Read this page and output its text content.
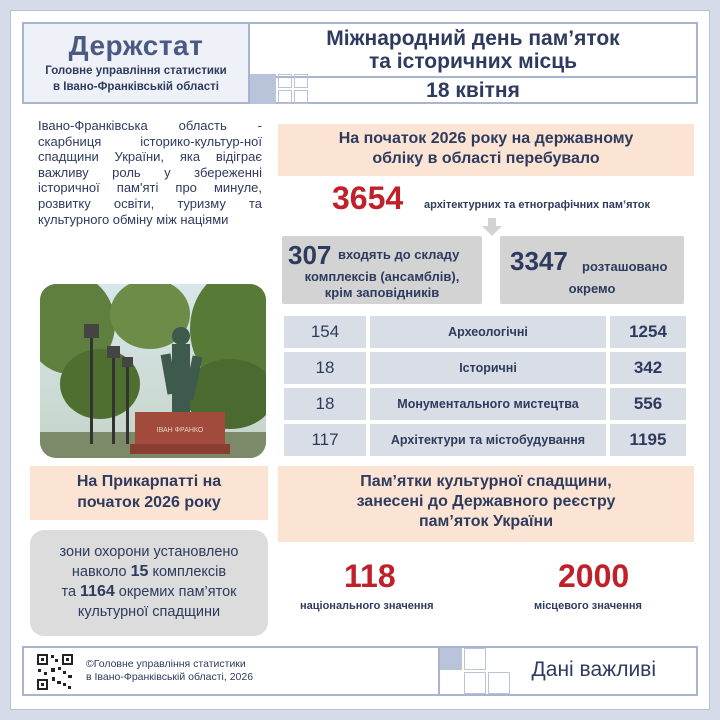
Держстат
Головне управління статистики
в Івано-Франківській області
Міжнародний день пам’яток
та історичних місць
18 квітня
Івано-Франківська область - скарбниця історико-культур-ної спадщини України, яка відіграє важливу роль у збереженні історичної пам'яті про минуле, розвитку освіти, туризму та культурного обміну між націями
ІВАН ФРАНКО
На Прикарпатті на
початок 2026 року
зони охорони установлено
навколо 15 комплексів
та 1164 окремих пам’яток
культурної спадщини
На початок 2026 року на державному
обліку в області перебувало
3654 архітектурних та етнографічних пам’яток
307 входять до складу
комплексів (ансамблів),
крім заповідників
3347 розташовано
окремо
154	Археологічні	1254
18	Історичні	342
18	Монументального мистецтва	556
117	Архітектури та містобудування	1195
Пам’ятки культурної спадщини,
занесені до Державного реєстру
пам’яток України
118
національного значення
2000
місцевого значення
©Головне управління статистики
в Івано-Франківській області, 2026	Дані важливі
